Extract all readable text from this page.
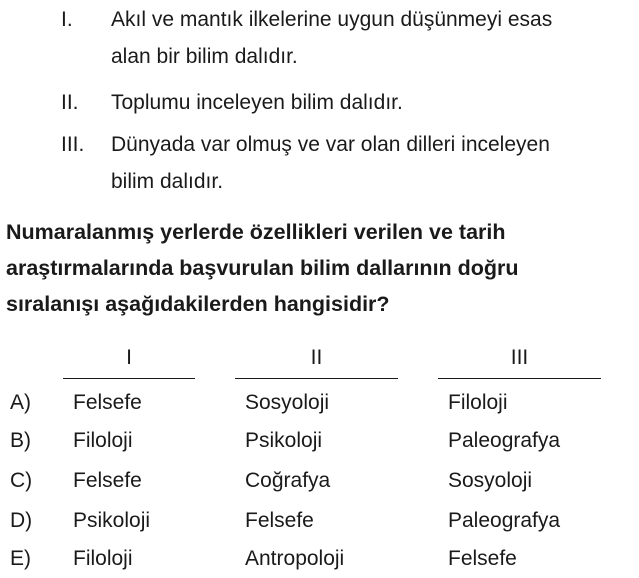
I. Akıl ve mantık ilkelerine uygun düşünmeyi esas
alan bir bilim dalıdır.
II. Toplumu inceleyen bilim dalıdır.
III. Dünyada var olmuş ve var olan dilleri inceleyen
bilim dalıdır.
Numaralanmış yerlerde özellikleri verilen ve tarih
araştırmalarında başvurulan bilim dallarının doğru
sıralanışı aşağıdakilerden hangisidir?
I	II	III
A) Felsefe	Sosyoloji	Filoloji
B) Filoloji	Psikoloji	Paleografya
C) Felsefe	Coğrafya	Sosyoloji
D) Psikoloji	Felsefe	Paleografya
E) Filoloji	Antropoloji	Felsefe
